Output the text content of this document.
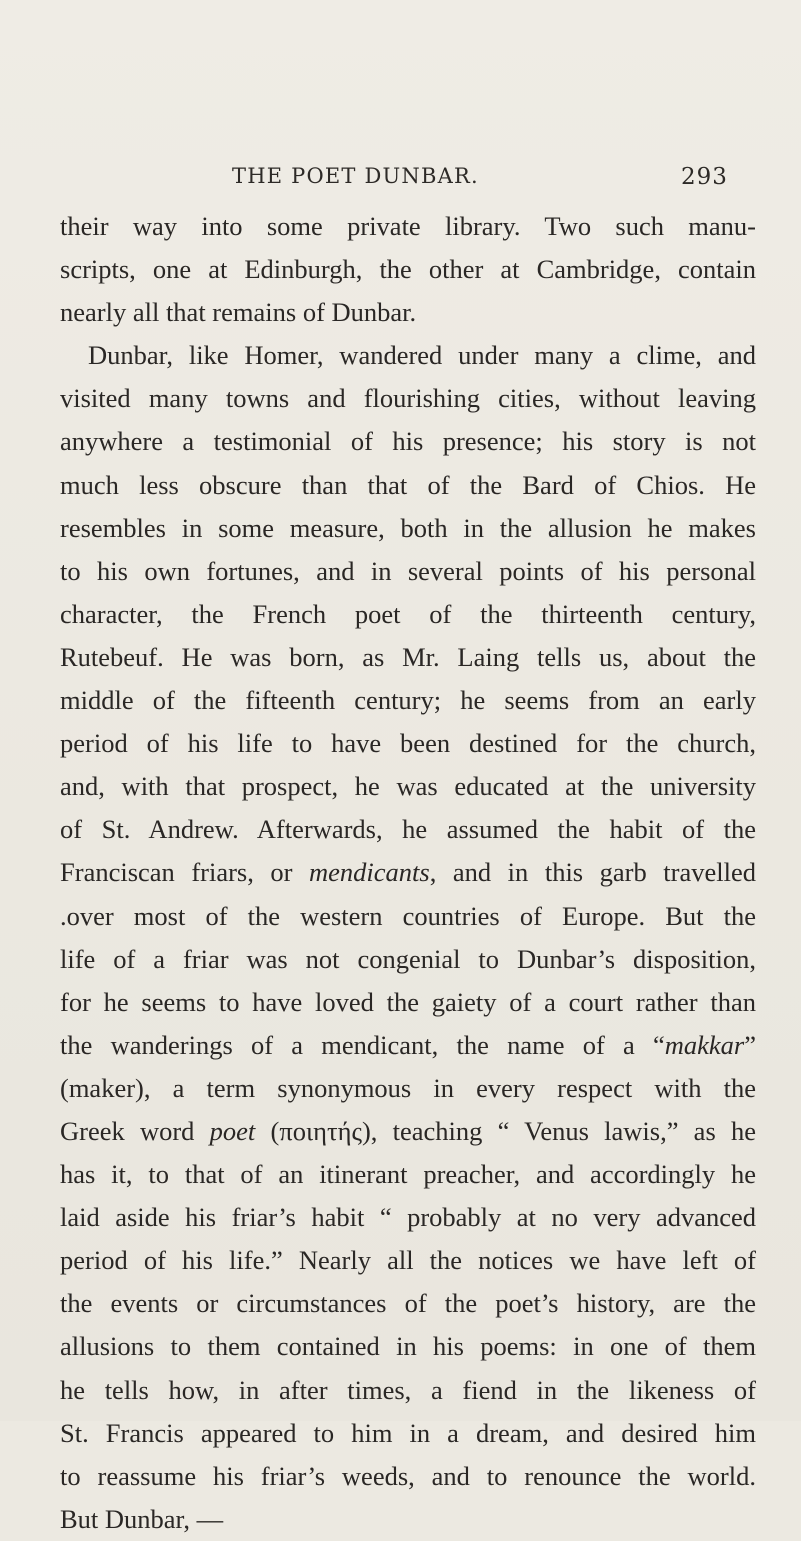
THE POET DUNBAR.	293
their way into some private library. Two such manu-
scripts, one at Edinburgh, the other at Cambridge, contain
nearly all that remains of Dunbar.
Dunbar, like Homer, wandered under many a clime, and
visited many towns and flourishing cities, without leaving
anywhere a testimonial of his presence; his story is not
much less obscure than that of the Bard of Chios. He
resembles in some measure, both in the allusion he makes
to his own fortunes, and in several points of his personal
character, the French poet of the thirteenth century,
Rutebeuf. He was born, as Mr. Laing tells us, about the
middle of the fifteenth century; he seems from an early
period of his life to have been destined for the church,
and, with that prospect, he was educated at the university
of St. Andrew. Afterwards, he assumed the habit of the
Franciscan friars, or mendicants, and in this garb travelled
.over most of the western countries of Europe. But the
life of a friar was not congenial to Dunbar’s disposition,
for he seems to have loved the gaiety of a court rather than
the wanderings of a mendicant, the name of a “makkar”
(maker), a term synonymous in every respect with the
Greek word poet (ποιητής), teaching “ Venus lawis,” as he
has it, to that of an itinerant preacher, and accordingly he
laid aside his friar’s habit “ probably at no very advanced
period of his life.” Nearly all the notices we have left of
the events or circumstances of the poet’s history, are the
allusions to them contained in his poems: in one of them
he tells how, in after times, a fiend in the likeness of
St. Francis appeared to him in a dream, and desired him
to reassume his friar’s weeds, and to renounce the world.
But Dunbar, —
